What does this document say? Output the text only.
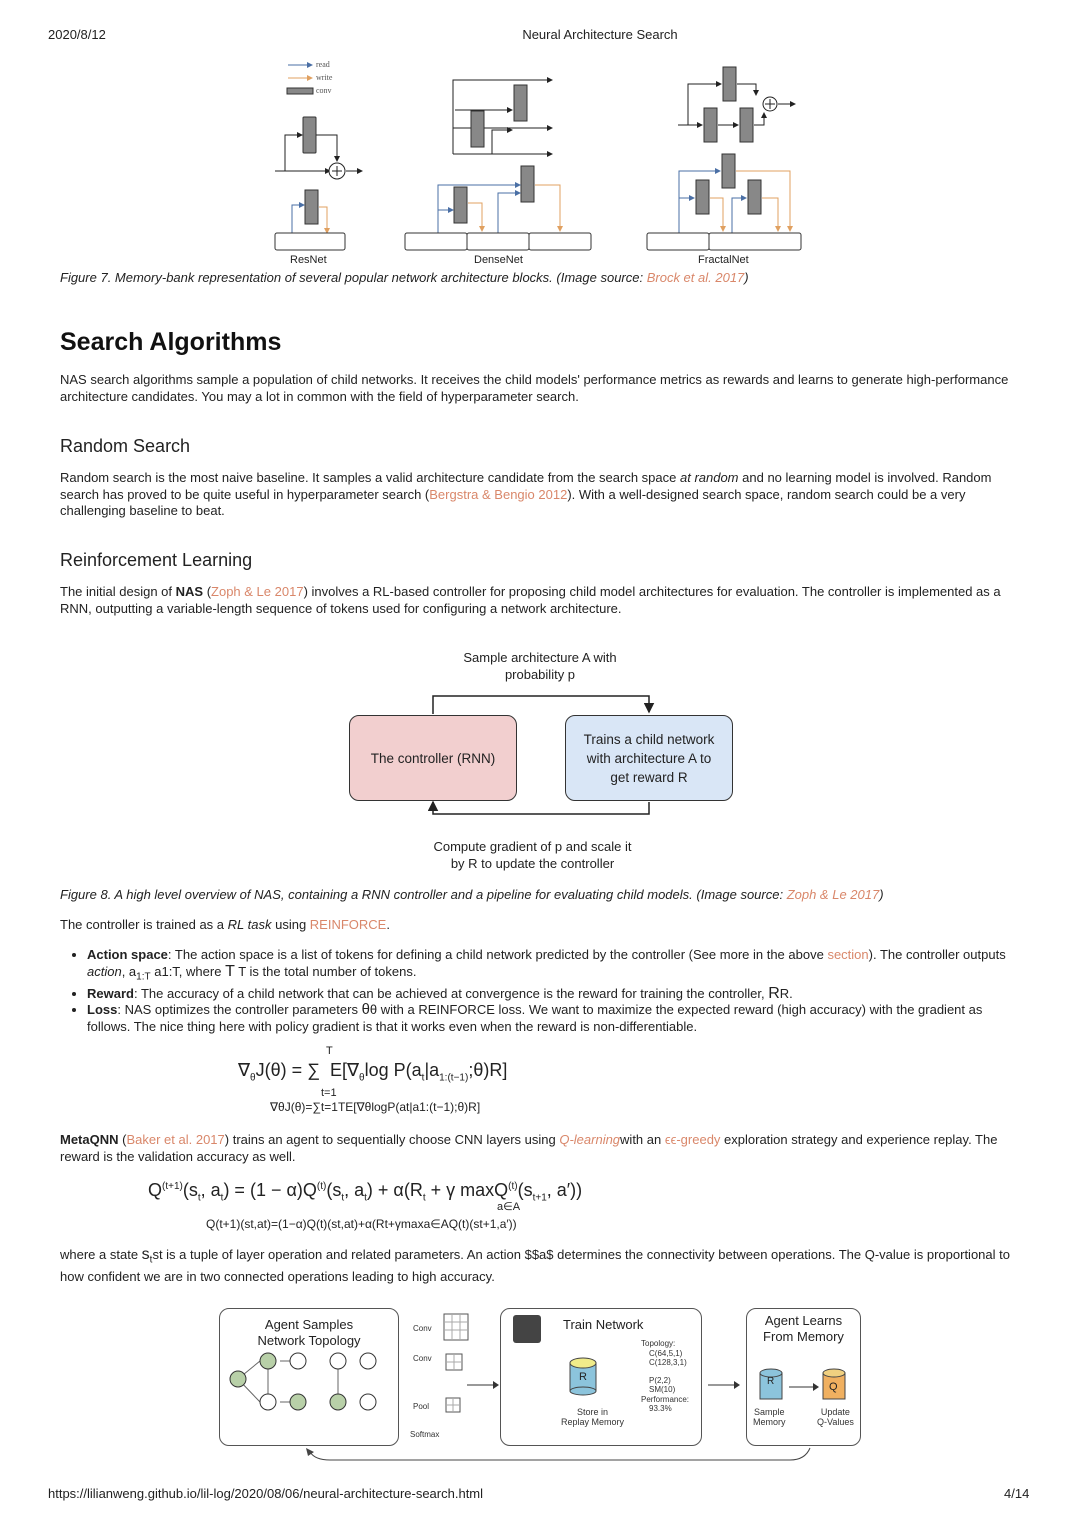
2020/8/12	Neural Architecture Search
read
write
conv
ResNet	DenseNet	FractalNet
Figure 7. Memory-bank representation of several popular network architecture blocks. (Image source: Brock et al. 2017)
Search Algorithms
NAS search algorithms sample a population of child networks. It receives the child models' performance metrics as rewards and learns to generate high-performance architecture candidates. You may a lot in common with the field of hyperparameter search.
Random Search
Random search is the most naive baseline. It samples a valid architecture candidate from the search space at random and no learning model is involved. Random search has proved to be quite useful in hyperparameter search (Bergstra & Bengio 2012). With a well-designed search space, random search could be a very challenging baseline to beat.
Reinforcement Learning
The initial design of NAS (Zoph & Le 2017) involves a RL-based controller for proposing child model architectures for evaluation. The controller is implemented as a RNN, outputting a variable-length sequence of tokens used for configuring a network architecture.
Sample architecture A with probability p
The controller (RNN)
Trains a child network
with architecture A to
get reward R
Compute gradient of p and scale it by R to update the controller
Figure 8. A high level overview of NAS, containing a RNN controller and a pipeline for evaluating child models. (Image source: Zoph & Le 2017)
The controller is trained as a RL task using REINFORCE.
• Action space: The action space is a list of tokens for defining a child network predicted by the controller (See more in the above section). The controller outputs action, $a_{1:T}$ a1:T, where T T is the total number of tokens.
• Reward: The accuracy of a child network that can be achieved at convergence is the reward for training the controller, RR.
• Loss: NAS optimizes the controller parameters θθ with a REINFORCE loss. We want to maximize the expected reward (high accuracy) with the gradient as follows. The nice thing here with policy gradient is that it works even when the reward is non-differentiable.
T
$\nabla_\theta J(\theta)$ = ∑ $E[\nabla_\theta\log$ $P(a_t|a_{1:(t-1)};\theta)R$]
t=1
∇θJ(θ)=∑t=1TE[∇θlogP(at|a1:(t−1);θ)R]
MetaQNN (Baker et al. 2017) trains an agent to sequentially choose CNN layers using Q-learningwith an ϵϵ-greedy exploration strategy and experience replay. The reward is the validation accuracy as well.
$Q^{(t+1)}(s_t$, $a_t) = (1 - \alpha)Q^{(t)}(s_t$, $a_t) + \alpha(R_t + \gamma$ $\max Q^{(t)}(s_{t+1}$, a′))
a∈A
Q(t+1)(st,at)=(1−α)Q(t)(st,at)+α(Rt+γmaxa∈AQ(t)(st+1,a′))
where a state $s_tst$ is a tuple of layer operation and related parameters. An action $$a$ determines the connectivity between operations. The Q-value is proportional to how confident we are in two connected operations leading to high accuracy.
Agent Samples
Network Topology
Conv
Conv
Pool
Softmax
Train Network
R
Store in
Replay Memory
Topology:
C(64,5,1)
C(128,3,1)
P(2,2)
SM(10)
Performance:
93.3%
Agent Learns
From Memory
R	Q
Sample
Memory
Update
Q-Values
https://lilianweng.github.io/lil-log/2020/08/06/neural-architecture-search.html	4/14
